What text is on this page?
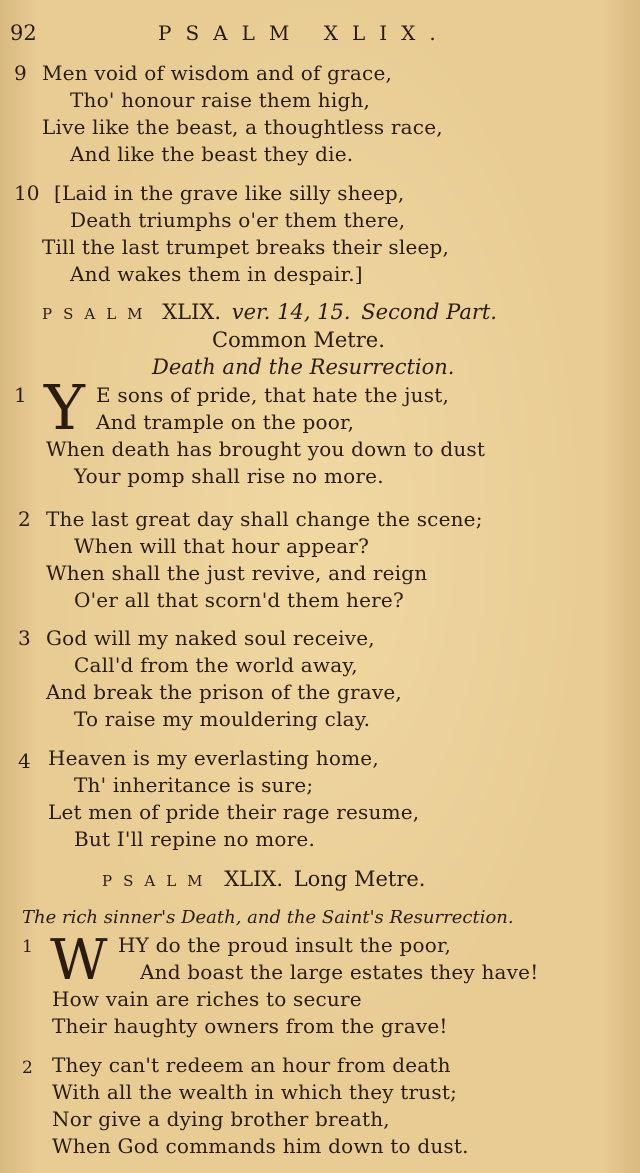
92	PSALM XLIX.
9 Men void of wisdom and of grace,
Tho' honour raise them high,
Live like the beast, a thoughtless race,
And like the beast they die.
10 [Laid in the grave like silly sheep,
Death triumphs o'er them there,
Till the last trumpet breaks their sleep,
And wakes them in despair.]
PSALM XLIX. ver. 14, 15. Second Part.
Common Metre.
Death and the Resurrection.
1 Y E sons of pride, that hate the just,
And trample on the poor,
When death has brought you down to dust
Your pomp shall rise no more.
2 The last great day shall change the scene;
When will that hour appear?
When shall the just revive, and reign
O'er all that scorn'd them here?
3 God will my naked soul receive,
Call'd from the world away,
And break the prison of the grave,
To raise my mouldering clay.
4 Heaven is my everlasting home,
Th' inheritance is sure;
Let men of pride their rage resume,
But I'll repine no more.
PSALM XLIX. Long Metre.
The rich sinner's Death, and the Saint's Resurrection.
1 W HY do the proud insult the poor,
And boast the large estates they have!
How vain are riches to secure
Their haughty owners from the grave!
2 They can't redeem an hour from death
With all the wealth in which they trust;
Nor give a dying brother breath,
When God commands him down to dust.
